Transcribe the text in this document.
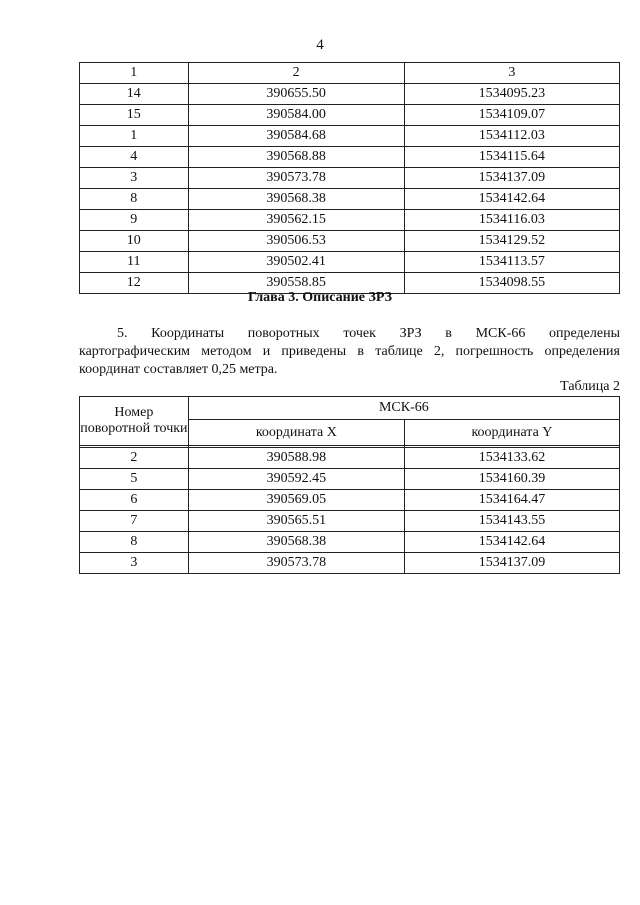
4
1	2	3
14	390655.50	1534095.23
15	390584.00	1534109.07
1	390584.68	1534112.03
4	390568.88	1534115.64
3	390573.78	1534137.09
8	390568.38	1534142.64
9	390562.15	1534116.03
10	390506.53	1534129.52
11	390502.41	1534113.57
12	390558.85	1534098.55
Глава 3. Описание ЗРЗ
5. Координаты поворотных точек ЗРЗ в МСК-66 определены
картографическим методом и приведены в таблице 2, погрешность определения координат составляет 0,25 метра.
Таблица 2
Номер поворотной точки	МСК-66	
	координата X	координата Y

2	390588.98	1534133.62
5	390592.45	1534160.39
6	390569.05	1534164.47
7	390565.51	1534143.55
8	390568.38	1534142.64
3	390573.78	1534137.09
